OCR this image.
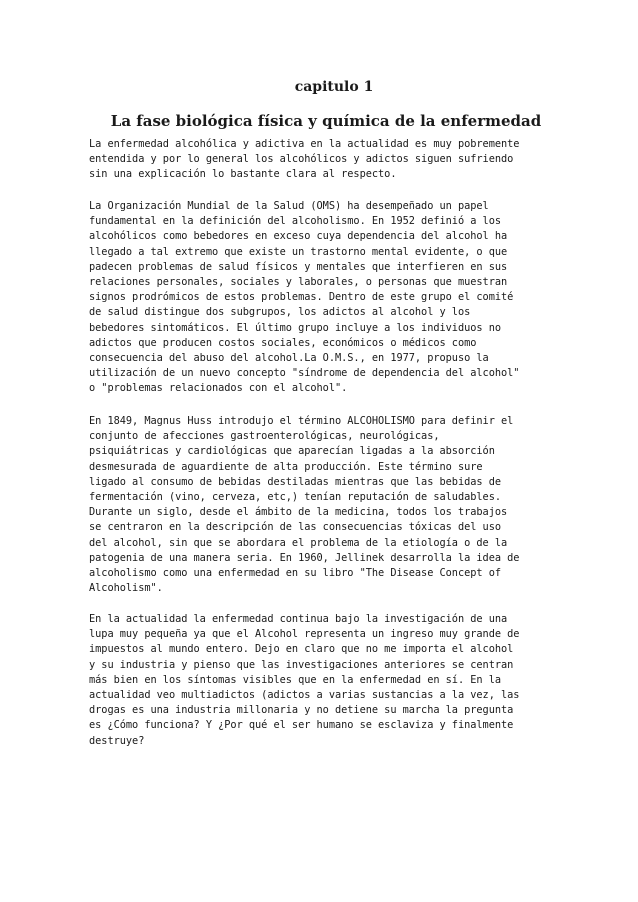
capitulo 1
La fase biológica física y química de la enfermedad

La enfermedad alcohólica y adictiva en la actualidad es muy pobremente
entendida y por lo general los alcohólicos y adictos siguen sufriendo
sin una explicación lo bastante clara al respecto.

La Organización Mundial de la Salud (OMS) ha desempeñado un papel
fundamental en la definición del alcoholismo. En 1952 definió a los
alcohólicos como bebedores en exceso cuya dependencia del alcohol ha
llegado a tal extremo que existe un trastorno mental evidente, o que
padecen problemas de salud físicos y mentales que interfieren en sus
relaciones personales, sociales y laborales, o personas que muestran
signos prodrómicos de estos problemas. Dentro de este grupo el comité
de salud distingue dos subgrupos, los adictos al alcohol y los
bebedores sintomáticos. El último grupo incluye a los individuos no
adictos que producen costos sociales, económicos o médicos como
consecuencia del abuso del alcohol.La O.M.S., en 1977, propuso la
utilización de un nuevo concepto "síndrome de dependencia del alcohol"
o "problemas relacionados con el alcohol".

En 1849, Magnus Huss introdujo el término ALCOHOLISMO para definir el
conjunto de afecciones gastroenterológicas, neurológicas,
psiquiátricas y cardiológicas que aparecían ligadas a la absorción
desmesurada de aguardiente de alta producción. Este término sure
ligado al consumo de bebidas destiladas mientras que las bebidas de
fermentación (vino, cerveza, etc,) tenían reputación de saludables.
Durante un siglo, desde el ámbito de la medicina, todos los trabajos
se centraron en la descripción de las consecuencias tóxicas del uso
del alcohol, sin que se abordara el problema de la etiología o de la
patogenia de una manera seria. En 1960, Jellinek desarrolla la idea de
alcoholismo como una enfermedad en su libro "The Disease Concept of
Alcoholism".

En la actualidad la enfermedad continua bajo la investigación de una
lupa muy pequeña ya que el Alcohol representa un ingreso muy grande de
impuestos al mundo entero. Dejo en claro que no me importa el alcohol
y su industria y pienso que las investigaciones anteriores se centran
más bien en los síntomas visibles que en la enfermedad en sí. En la
actualidad veo multiadictos (adictos a varias sustancias a la vez, las
drogas es una industria millonaria y no detiene su marcha la pregunta
es ¿Cómo funciona? Y ¿Por qué el ser humano se esclaviza y finalmente
destruye?
